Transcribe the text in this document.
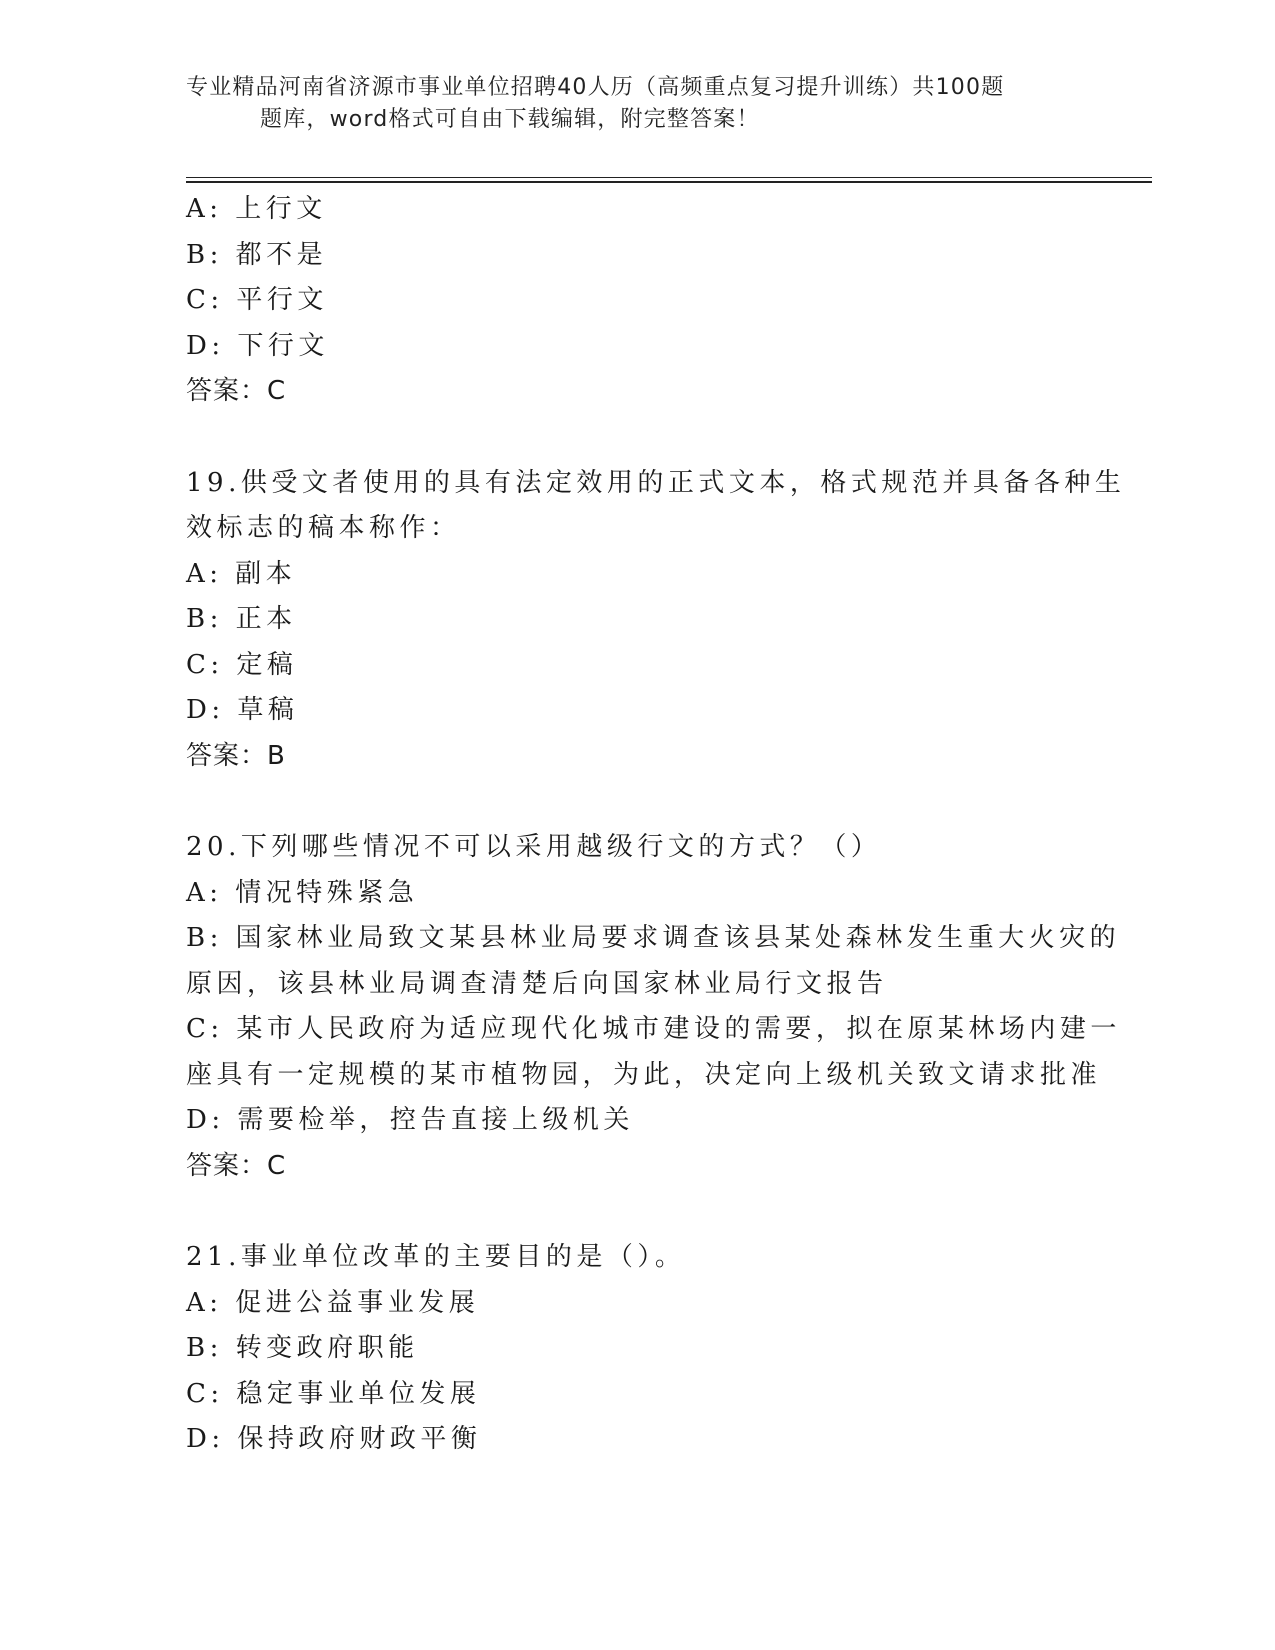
专业精品河南省济源市事业单位招聘40人历（高频重点复习提升训练）共100题
题库，word格式可自由下载编辑，附完整答案！
A: 上行文
B: 都不是
C: 平行文
D: 下行文
答案：C
19.供受文者使用的具有法定效用的正式文本，格式规范并具备各种生
效标志的稿本称作：
A: 副本
B: 正本
C: 定稿
D: 草稿
答案：B
20.下列哪些情况不可以采用越级行文的方式？（）
A: 情况特殊紧急
B: 国家林业局致文某县林业局要求调查该县某处森林发生重大火灾的
原因，该县林业局调查清楚后向国家林业局行文报告
C: 某市人民政府为适应现代化城市建设的需要，拟在原某林场内建一
座具有一定规模的某市植物园，为此，决定向上级机关致文请求批准
D: 需要检举，控告直接上级机关
答案：C
21.事业单位改革的主要目的是（）。
A: 促进公益事业发展
B: 转变政府职能
C: 稳定事业单位发展
D: 保持政府财政平衡
